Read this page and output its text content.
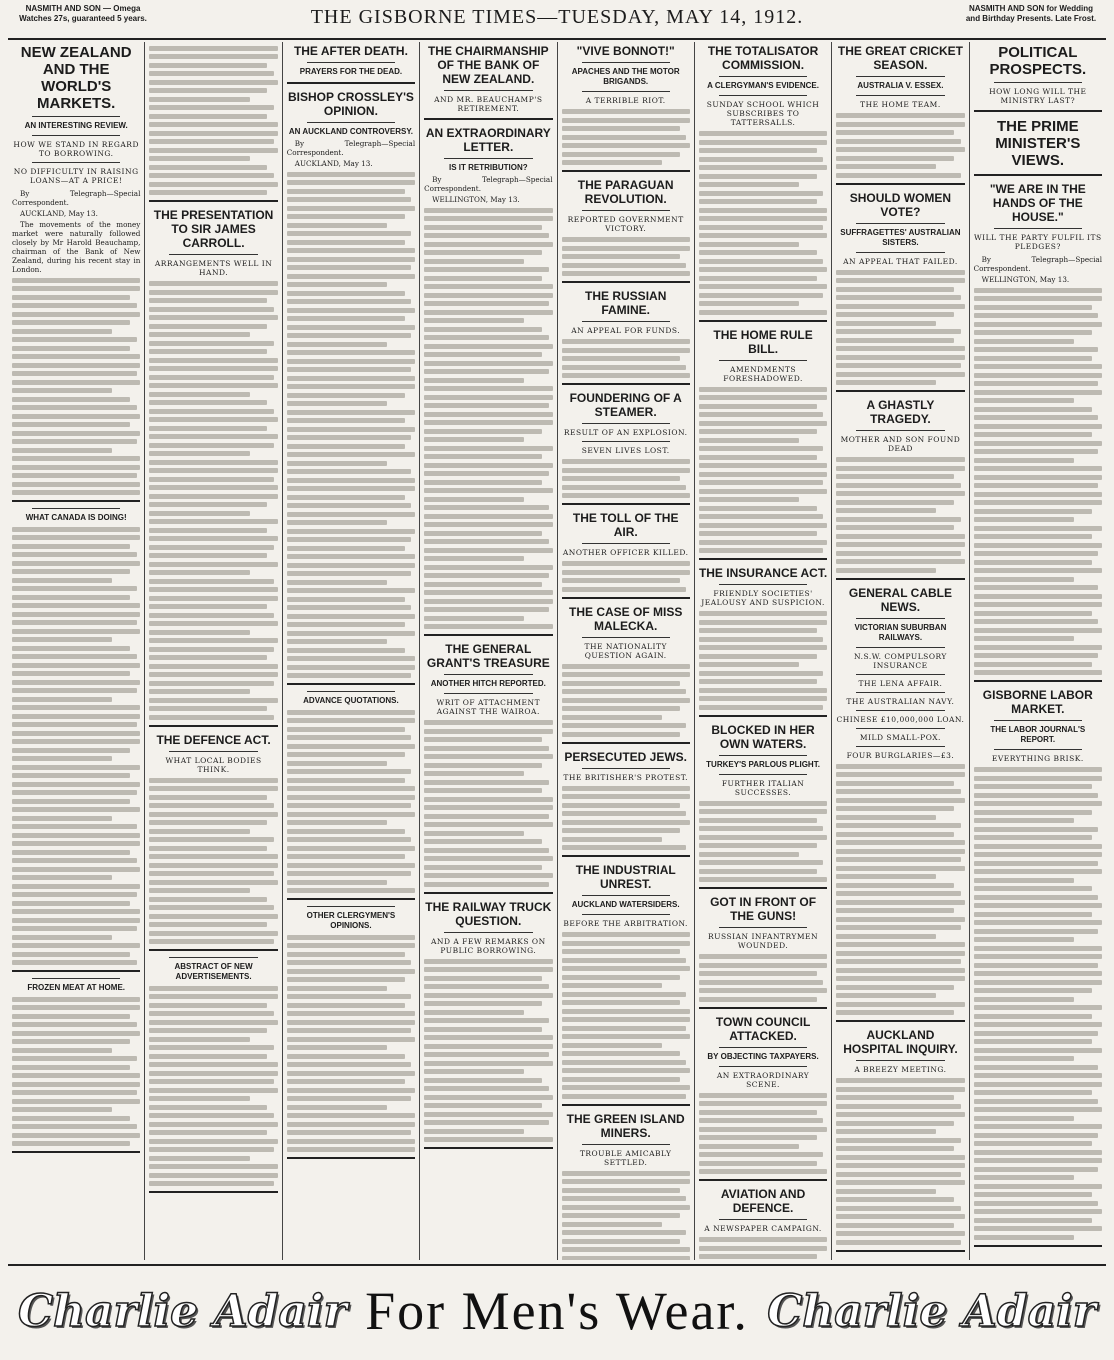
NASMITH AND SON — Omega
Watches 27s, guaranteed 5 years.	THE GISBORNE TIMES—TUESDAY, MAY 14, 1912.	NASMITH AND SON for Wedding
and Birthday Presents. Late Frost.
NEW ZEALAND AND THE WORLD'S MARKETS.
AN INTERESTING REVIEW.
HOW WE STAND IN REGARD TO BORROWING.
NO DIFFICULTY IN RAISING LOANS—AT A PRICE!

By Telegraph—Special Correspondent.

AUCKLAND, May 13.

The movements of the money market were naturally followed closely by Mr Harold Beauchamp, chairman of the Bank of New Zealand, during his recent stay in London.

WHAT CANADA IS DOING!
FROZEN MEAT AT HOME.
THE PRESENTATION TO SIR JAMES CARROLL.
ARRANGEMENTS WELL IN HAND.
THE DEFENCE ACT.
WHAT LOCAL BODIES THINK.
ABSTRACT OF NEW ADVERTISEMENTS.
THE AFTER DEATH.
PRAYERS FOR THE DEAD.
BISHOP CROSSLEY'S OPINION.
AN AUCKLAND CONTROVERSY.

By Telegraph—Special Correspondent.

AUCKLAND, May 13.

ADVANCE QUOTATIONS.
OTHER CLERGYMEN'S OPINIONS.
THE CHAIRMANSHIP OF THE BANK OF NEW ZEALAND.
AND MR. BEAUCHAMP'S RETIREMENT.
AN EXTRAORDINARY LETTER.
IS IT RETRIBUTION?

By Telegraph—Special Correspondent.

WELLINGTON, May 13.

THE GENERAL GRANT'S TREASURE
ANOTHER HITCH REPORTED.
WRIT OF ATTACHMENT AGAINST THE WAIROA.
THE RAILWAY TRUCK QUESTION.
AND A FEW REMARKS ON PUBLIC BORROWING.
"VIVE BONNOT!"
APACHES AND THE MOTOR BRIGANDS.
A TERRIBLE RIOT.
THE PARAGUAN REVOLUTION.
REPORTED GOVERNMENT VICTORY.
THE RUSSIAN FAMINE.
AN APPEAL FOR FUNDS.
FOUNDERING OF A STEAMER.
RESULT OF AN EXPLOSION.
SEVEN LIVES LOST.
THE TOLL OF THE AIR.
ANOTHER OFFICER KILLED.
THE CASE OF MISS MALECKA.
THE NATIONALITY QUESTION AGAIN.
PERSECUTED JEWS.
THE BRITISHER'S PROTEST.
THE INDUSTRIAL UNREST.
AUCKLAND WATERSIDERS.
BEFORE THE ARBITRATION.
THE GREEN ISLAND MINERS.
TROUBLE AMICABLY SETTLED.
THE TOTALISATOR COMMISSION.
A CLERGYMAN'S EVIDENCE.
SUNDAY SCHOOL WHICH SUBSCRIBES TO TATTERSALLS.
THE HOME RULE BILL.
AMENDMENTS FORESHADOWED.
THE INSURANCE ACT.
FRIENDLY SOCIETIES' JEALOUSY AND SUSPICION.
BLOCKED IN HER OWN WATERS.
TURKEY'S PARLOUS PLIGHT.
FURTHER ITALIAN SUCCESSES.
GOT IN FRONT OF THE GUNS!
RUSSIAN INFANTRYMEN WOUNDED.
TOWN COUNCIL ATTACKED.
BY OBJECTING TAXPAYERS.
AN EXTRAORDINARY SCENE.
AVIATION AND DEFENCE.
A NEWSPAPER CAMPAIGN.
THE GREAT CRICKET SEASON.
AUSTRALIA V. ESSEX.
THE HOME TEAM.
SHOULD WOMEN VOTE?
SUFFRAGETTES' AUSTRALIAN SISTERS.
AN APPEAL THAT FAILED.
A GHASTLY TRAGEDY.
MOTHER AND SON FOUND DEAD
GENERAL CABLE NEWS.
VICTORIAN SUBURBAN RAILWAYS.
N.S.W. COMPULSORY INSURANCE
THE LENA AFFAIR.
THE AUSTRALIAN NAVY.
CHINESE £10,000,000 LOAN.
MILD SMALL-POX.
FOUR BURGLARIES—£3.
AUCKLAND HOSPITAL INQUIRY.
A BREEZY MEETING.
POLITICAL PROSPECTS.
HOW LONG WILL THE MINISTRY LAST?
THE PRIME MINISTER'S VIEWS.
"WE ARE IN THE HANDS OF THE HOUSE."
WILL THE PARTY FULFIL ITS PLEDGES?

By Telegraph—Special Correspondent.

WELLINGTON, May 13.

GISBORNE LABOR MARKET.
THE LABOR JOURNAL'S REPORT.
EVERYTHING BRISK.
Charlie Adair For Men's Wear. Charlie Adair
